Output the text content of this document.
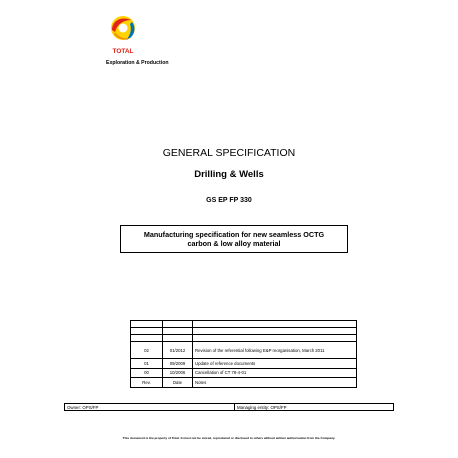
TOTAL
Exploration & Production
GENERAL SPECIFICATION
Drilling & Wells
GS EP FP 330
Manufacturing specification for new seamless OCTG
carbon & low alloy material

02	01/2012	Revision of the referential following E&P reorganisation, March 2011
01	09/2009	Update of reference documents
00	10/2006	Cancellation of CT 78-4-01
Rev.	Date	Notes
Owner: OPS/FP	Managing entity: OPS/FP
This document is the property of Total. It must not be stored, reproduced or disclosed to others without written authorisation from the Company.
